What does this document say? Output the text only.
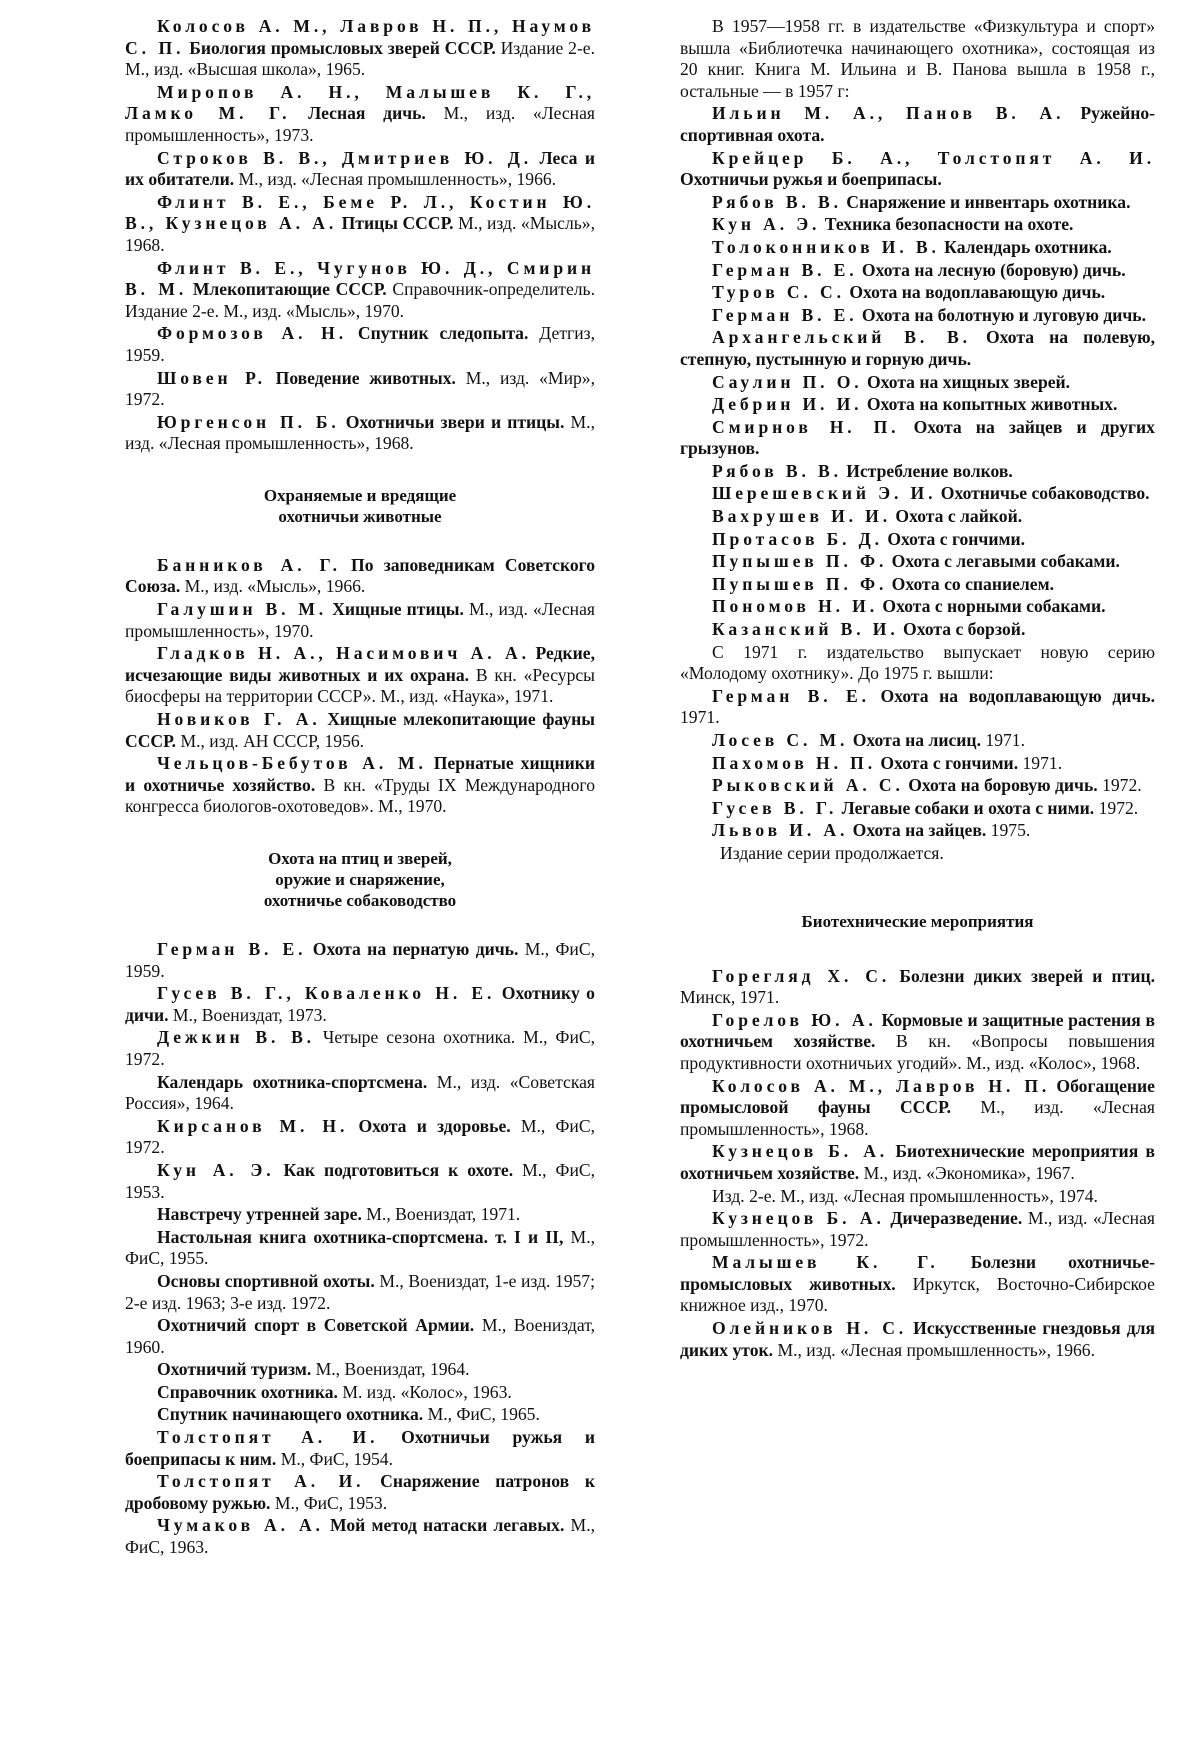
Колосов А. М., Лавров Н. П., Наумов С. П. Биология промысловых зверей СССР. Издание 2-е. М., изд. «Высшая школа», 1965.

Миропов А. Н., Малышев К. Г., Ламко М. Г. Лесная дичь. М., изд. «Лесная промышленность», 1973.

Строков В. В., Дмитриев Ю. Д. Леса и их обитатели. М., изд. «Лесная промышленность», 1966.

Флинт В. Е., Беме Р. Л., Костин Ю. В., Кузнецов А. А. Птицы СССР. М., изд. «Мысль», 1968.

Флинт В. Е., Чугунов Ю. Д., Смирин В. М. Млекопитающие СССР. Справочник-определитель. Издание 2-е. М., изд. «Мысль», 1970.

Формозов А. Н. Спутник следопыта. Детгиз, 1959.

Шовен Р. Поведение животных. М., изд. «Мир», 1972.

Юргенсон П. Б. Охотничьи звери и птицы. М., изд. «Лесная промышленность», 1968.

Охраняемые и вредящие
охотничьи животные

Банников А. Г. По заповедникам Советского Союза. М., изд. «Мысль», 1966.

Галушин В. М. Хищные птицы. М., изд. «Лесная промышленность», 1970.

Гладков Н. А., Насимович А. А. Редкие, исчезающие виды животных и их охрана. В кн. «Ресурсы биосферы на территории СССР». М., изд. «Наука», 1971.

Новиков Г. А. Хищные млекопитающие фауны СССР. М., изд. АН СССР, 1956.

Чельцов-Бебутов А. М. Пернатые хищники и охотничье хозяйство. В кн. «Труды IX Международного конгресса биологов-охотоведов». М., 1970.

Охота на птиц и зверей,
оружие и снаряжение,
охотничье собаководство

Герман В. Е. Охота на пернатую дичь. М., ФиС, 1959.

Гусев В. Г., Коваленко Н. Е. Охотнику о дичи. М., Воениздат, 1973.

Дежкин В. В. Четыре сезона охотника. М., ФиС, 1972.

Календарь охотника-спортсмена. М., изд. «Советская Россия», 1964.

Кирсанов М. Н. Охота и здоровье. М., ФиС, 1972.

Кун А. Э. Как подготовиться к охоте. М., ФиС, 1953.

Навстречу утренней заре. М., Воениздат, 1971.

Настольная книга охотника-спортсмена. т. I и II, М., ФиС, 1955.

Основы спортивной охоты. М., Воениздат, 1-е изд. 1957; 2-е изд. 1963; 3-е изд. 1972.

Охотничий спорт в Советской Армии. М., Воениздат, 1960.

Охотничий туризм. М., Воениздат, 1964.

Справочник охотника. М. изд. «Колос», 1963.

Спутник начинающего охотника. М., ФиС, 1965.

Толстопят А. И. Охотничьи ружья и боеприпасы к ним. М., ФиС, 1954.

Толстопят А. И. Снаряжение патронов к дробовому ружью. М., ФиС, 1953.

Чумаков А. А. Мой метод натаски легавых. М., ФиС, 1963.

В 1957—1958 гг. в издательстве «Физкультура и спорт» вышла «Библиотечка начинающего охотника», состоящая из 20 книг. Книга М. Ильина и В. Панова вышла в 1958 г., остальные — в 1957 г:

Ильин М. А., Панов В. А. Ружейно-спортивная охота.

Крейцер Б. А., Толстопят А. И. Охотничьи ружья и боеприпасы.

Рябов В. В. Снаряжение и инвентарь охотника.

Кун А. Э. Техника безопасности на охоте.

Толоконников И. В. Календарь охотника.

Герман В. Е. Охота на лесную (боровую) дичь.

Туров С. С. Охота на водоплавающую дичь.

Герман В. Е. Охота на болотную и луговую дичь.

Архангельский В. В. Охота на полевую, степную, пустынную и горную дичь.

Саулин П. О. Охота на хищных зверей.

Дебрин И. И. Охота на копытных животных.

Смирнов Н. П. Охота на зайцев и других грызунов.

Рябов В. В. Истребление волков.

Шерешевский Э. И. Охотничье собаководство.

Вахрушев И. И. Охота с лайкой.

Протасов Б. Д. Охота с гончими.

Пупышев П. Ф. Охота с легавыми собаками.

Пупышев П. Ф. Охота со спаниелем.

Пономов Н. И. Охота с норными собаками.

Казанский В. И. Охота с борзой.

С 1971 г. издательство выпускает новую серию «Молодому охотнику». До 1975 г. вышли:

Герман В. Е. Охота на водоплавающую дичь. 1971.

Лосев С. М. Охота на лисиц. 1971.

Пахомов Н. П. Охота с гончими. 1971.

Рыковский А. С. Охота на боровую дичь. 1972.

Гусев В. Г. Легавые собаки и охота с ними. 1972.

Львов И. А. Охота на зайцев. 1975.

Издание серии продолжается.

Биотехнические мероприятия

Горегляд Х. С. Болезни диких зверей и птиц. Минск, 1971.

Горелов Ю. А. Кормовые и защитные растения в охотничьем хозяйстве. В кн. «Вопросы повышения продуктивности охотничьих угодий». М., изд. «Колос», 1968.

Колосов А. М., Лавров Н. П. Обогащение промысловой фауны СССР. М., изд. «Лесная промышленность», 1968.

Кузнецов Б. А. Биотехнические мероприятия в охотничьем хозяйстве. М., изд. «Экономика», 1967.

Изд. 2-е. М., изд. «Лесная промышленность», 1974.

Кузнецов Б. А. Дичеразведение. М., изд. «Лесная промышленность», 1972.

Малышев К. Г. Болезни охотничье-промысловых животных. Иркутск, Восточно-Сибирское книжное изд., 1970.

Олейников Н. С. Искусственные гнездовья для диких уток. М., изд. «Лесная промышленность», 1966.
